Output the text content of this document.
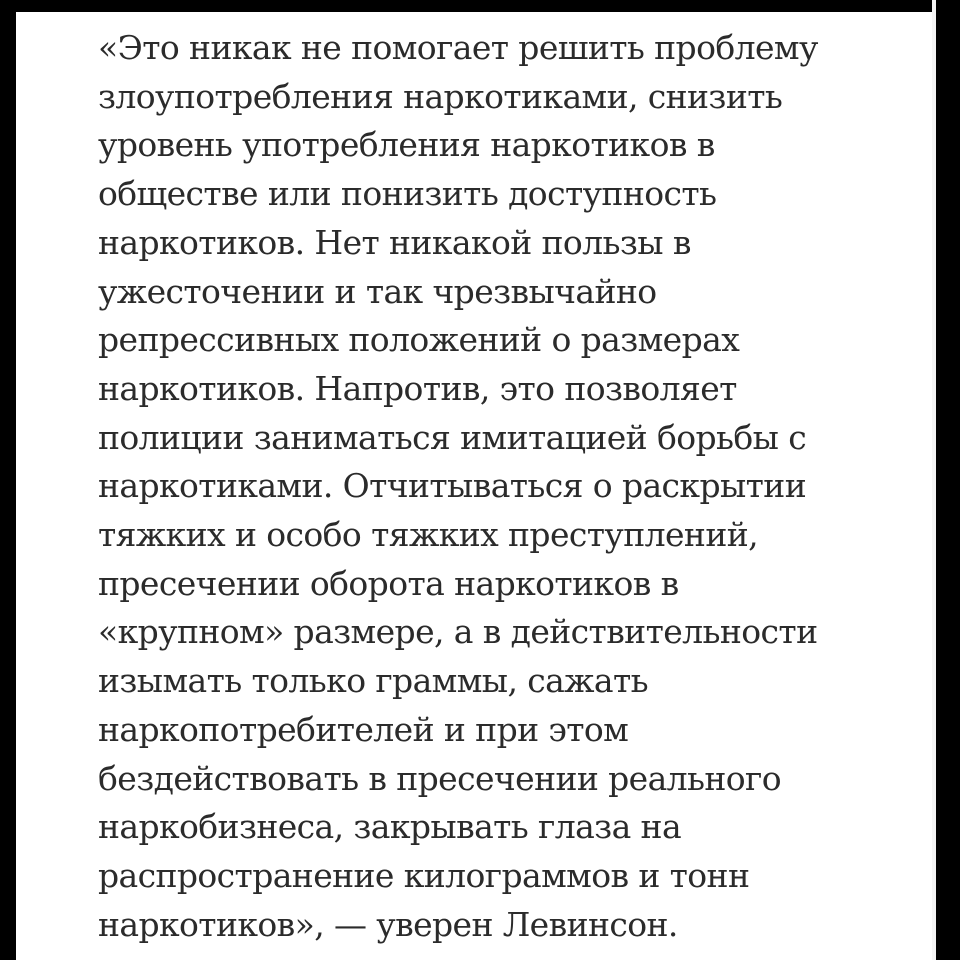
«Это никак не помогает решить проблему
злоупотребления наркотиками, снизить
уровень употребления наркотиков в
обществе или понизить доступность
наркотиков. Нет никакой пользы в
ужесточении и так чрезвычайно
репрессивных положений о размерах
наркотиков. Напротив, это позволяет
полиции заниматься имитацией борьбы с
наркотиками. Отчитываться о раскрытии
тяжких и особо тяжких преступлений,
пресечении оборота наркотиков в
«крупном» размере, а в действительности
изымать только граммы, сажать
наркопотребителей и при этом
бездействовать в пресечении реального
наркобизнеса, закрывать глаза на
распространение килограммов и тонн
наркотиков», — уверен Левинсон.
